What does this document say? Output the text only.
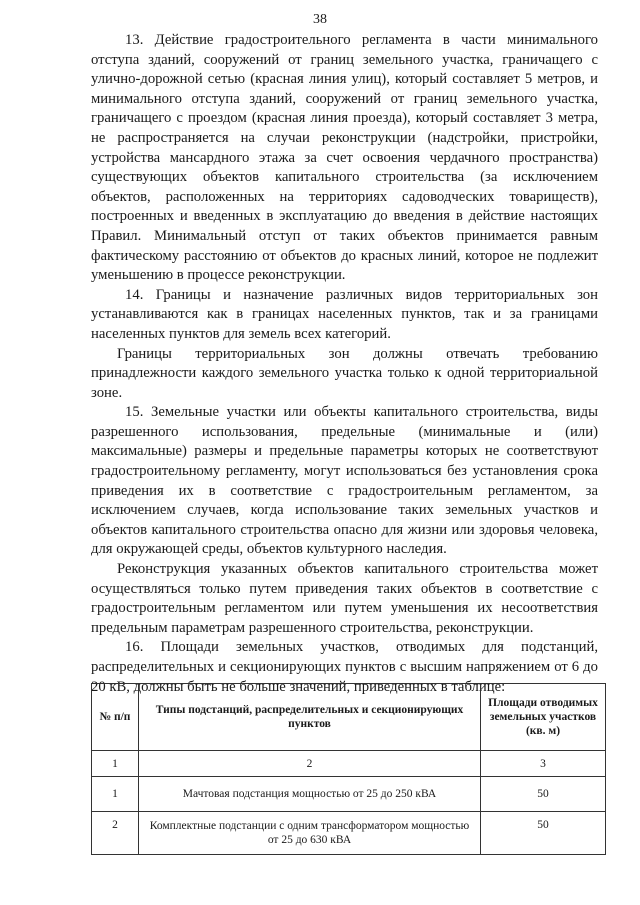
38

13. Действие градостроительного регламента в части минимального отступа зданий, сооружений от границ земельного участка, граничащего с улично-дорожной сетью (красная линия улиц), который составляет 5 метров, и минимального отступа зданий, сооружений от границ земельного участка, граничащего с проездом (красная линия проезда), который составляет 3 метра, не распространяется на случаи реконструкции (надстройки, пристройки, устройства мансардного этажа за счет освоения чердачного пространства) существующих объектов капитального строительства (за исключением объектов, расположенных на территориях садоводческих товариществ), построенных и введенных в эксплуатацию до введения в действие настоящих Правил. Минимальный отступ от таких объектов принимается равным фактическому расстоянию от объектов до красных линий, которое не подлежит уменьшению в процессе реконструкции.

14. Границы и назначение различных видов территориальных зон устанавливаются как в границах населенных пунктов, так и за границами населенных пунктов для земель всех категорий.

Границы территориальных зон должны отвечать требованию принадлежности каждого земельного участка только к одной территориальной зоне.

15. Земельные участки или объекты капитального строительства, виды разрешенного использования, предельные (минимальные и (или) максимальные) размеры и предельные параметры которых не соответствуют градостроительному регламенту, могут использоваться без установления срока приведения их в соответствие с градостроительным регламентом, за исключением случаев, когда использование таких земельных участков и объектов капитального строительства опасно для жизни или здоровья человека, для окружающей среды, объектов культурного наследия.

Реконструкция указанных объектов капитального строительства может осуществляться только путем приведения таких объектов в соответствие с градостроительным регламентом или путем уменьшения их несоответствия предельным параметрам разрешенного строительства, реконструкции.

16. Площади земельных участков, отводимых для подстанций, распределительных и секционирующих пунктов с высшим напряжением от 6 до 20 кВ, должны быть не больше значений, приведенных в таблице:

№ п/п	Типы подстанций, распределительных и секционирующих пунктов	Площади отводимых земельных участков (кв. м)
1	2	3
1	Мачтовая подстанция мощностью от 25 до 250 кВА	50
2	Комплектные подстанции с одним трансформатором мощностью от 25 до 630 кВА	50
